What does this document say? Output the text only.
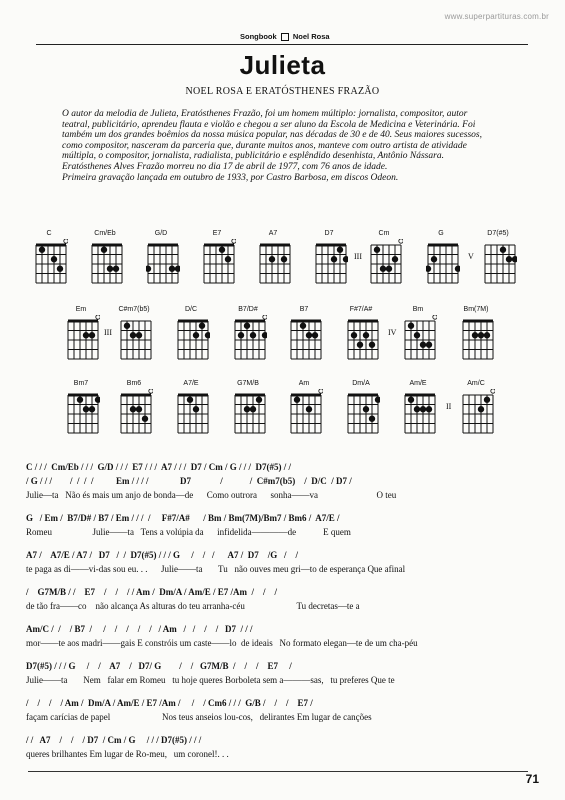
www.superpartituras.com.br
Songbook Noel Rosa
Julieta
NOEL ROSA E ERATÓSTHENES FRAZÃO

O autor da melodia de Julieta, Eratósthenes Frazão, foi um homem múltiplo: jornalista, compositor, autor teatral, publicitário, aprendeu flauta e violão e chegou a ser aluno da Escola de Medicina e Veterinária. Foi também um dos grandes boêmios da nossa música popular, nas décadas de 30 e de 40. Seus maiores sucessos, como compositor, nasceram da parceria que, durante muitos anos, manteve com outro artista de atividade múltipla, o compositor, jornalista, radialista, publicitário e esplêndido desenhista, Antônio Nássara. Eratósthenes Alves Frazão morreu no dia 17 de abril de 1977, com 76 anos de idade.

Primeira gravação lançada em outubro de 1933, por Castro Barbosa, em discos Odeon.

C	Cm/Eb	G/D	E7	A7	D7	Cm
III
G	D7(#5)
V
Em	C#m7(b5)
III
D/C	B7/D#	B7	F#7/A#	Bm
IV
Bm(7M)
Bm7	Bm6	A7/E	G7M/B	Am	Dm/A	Am/E	Am/C
II
C / / /  Cm/Eb / / /  G/D / / /  E7 / / /  A7 / / /  D7 / Cm / G / / /  D7(#5) / /
/ G / / /        /  /  /  /          Em / / / /              D7             /            /  C#m7(b5)    /  D/C  / D7 /
Julie—ta   Não és mais um anjo de bonda—de      Como outrora      sonha——va                          O teu
G   / Em /  B7/D# / B7 / Em / / /  /     F#7/A#      / Bm / Bm(7M)/Bm7 / Bm6 /  A7/E /
Romeu                  Julie——ta   Tens a volúpia da      infidelida————de            E quem
A7 /    A7/E / A7 /   D7   /  /  D7(#5) / / / G     /    /   /      A7 /  D7    /G   /    /
te paga as di——vi-das sou eu. . .      Julie——ta       Tu   não ouves meu gri—to de esperança Que afinal
/    G7M/B / /    E7    /    /    / / Am /  Dm/A / Am/E / E7 /Am  /    /    /
de tão fra——co    não alcança As alturas do teu arranha-céu                       Tu decretas—te a
Am/C /  /    / B7  /     /    /    /    /    /   / Am   /   /    /    /   D7  / / /
mor——te aos madri——gais E constróis um caste——lo  de ideais   No formato elegan—te de um cha-péu
D7(#5) / / / G     /    /    A7    /   D7/ G        /    /   G7M/B  /    /    /    E7     /
Julie——ta       Nem   falar em Romeu   tu hoje queres Borboleta sem a———sas,   tu preferes Que te
/    /    /    / Am /  Dm/A / Am/E / E7 /Am /     /    / Cm6 / / /  G/B /    /    /    E7 /
façam carícias de papel                       Nos teus anseios lou-cos,   delirantes Em lugar de canções
/ /   A7    /    /    / D7  / Cm / G     / / / D7(#5) / / /
queres brilhantes Em lugar de Ro-meu,   um coronel!. . .
71
